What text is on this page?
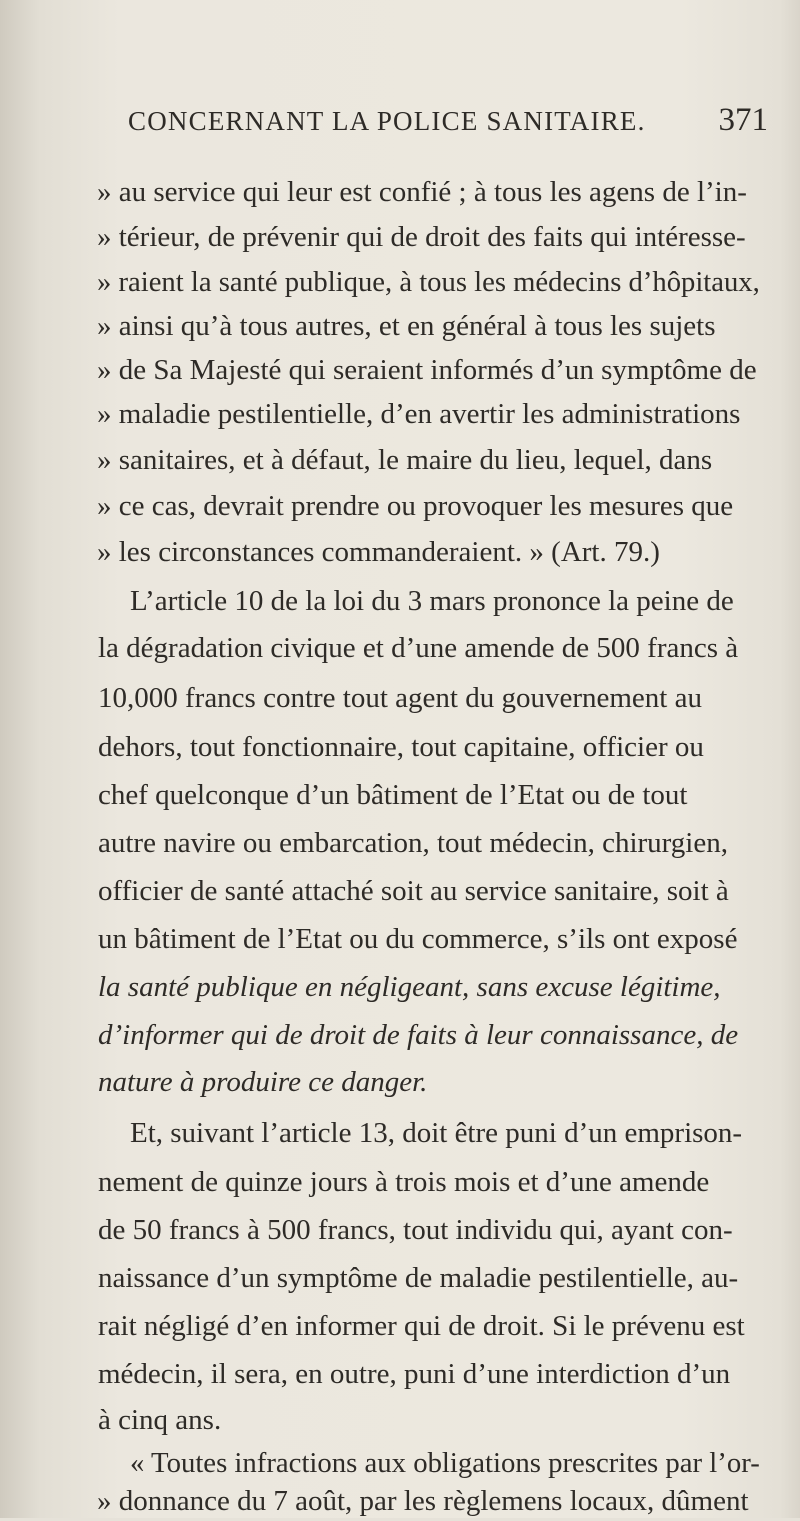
CONCERNANT LA POLICE SANITAIRE. 371
» au service qui leur est confié ; à tous les agens de l’in-
» térieur, de prévenir qui de droit des faits qui intéresse-
» raient la santé publique, à tous les médecins d’hôpitaux,
» ainsi qu’à tous autres, et en général à tous les sujets
» de Sa Majesté qui seraient informés d’un symptôme de
» maladie pestilentielle, d’en avertir les administrations
» sanitaires, et à défaut, le maire du lieu, lequel, dans
» ce cas, devrait prendre ou provoquer les mesures que
» les circonstances commanderaient. » (Art. 79.)
L’article 10 de la loi du 3 mars prononce la peine de
la dégradation civique et d’une amende de 500 francs à
10,000 francs contre tout agent du gouvernement au
dehors, tout fonctionnaire, tout capitaine, officier ou
chef quelconque d’un bâtiment de l’Etat ou de tout
autre navire ou embarcation, tout médecin, chirurgien,
officier de santé attaché soit au service sanitaire, soit à
un bâtiment de l’Etat ou du commerce, s’ils ont exposé
la santé publique en négligeant, sans excuse légitime,
d’informer qui de droit de faits à leur connaissance, de
nature à produire ce danger.
Et, suivant l’article 13, doit être puni d’un emprison-
nement de quinze jours à trois mois et d’une amende
de 50 francs à 500 francs, tout individu qui, ayant con-
naissance d’un symptôme de maladie pestilentielle, au-
rait négligé d’en informer qui de droit. Si le prévenu est
médecin, il sera, en outre, puni d’une interdiction d’un
à cinq ans.
« Toutes infractions aux obligations prescrites par l’or-
» donnance du 7 août, par les règlemens locaux, dûment
